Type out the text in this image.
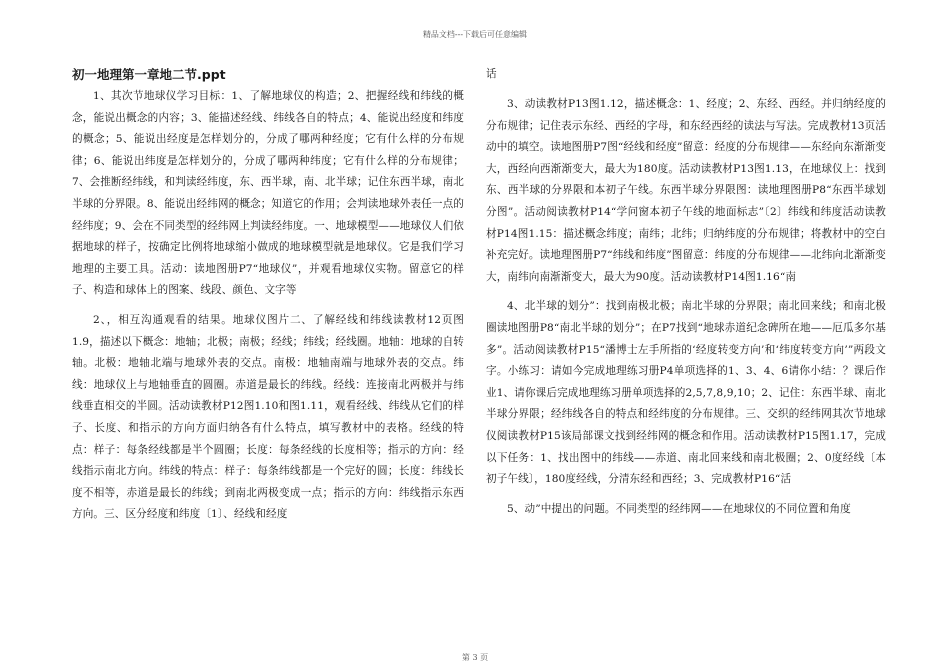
精品文档---下载后可任意编辑

初一地理第一章地二节.ppt

1、其次节地球仪学习目标：1、了解地球仪的构造；2、把握经线和纬线的概念，能说出概念的内容；3、能描述经线、纬线各自的特点；4、能说出经度和纬度的概念；5、能说出经度是怎样划分的，分成了哪两种经度；它有什么样的分布规律；6、能说出纬度是怎样划分的，分成了哪两种纬度；它有什么样的分布规律；7、会推断经纬线，和判读经纬度，东、西半球，南、北半球；记住东西半球，南北半球的分界限。8、能说出经纬网的概念；知道它的作用；会判读地球外表任一点的经纬度；9、会在不同类型的经纬网上判读经纬度。一、地球模型——地球仪人们依据地球的样子，按确定比例将地球缩小做成的地球模型就是地球仪。它是我们学习地理的主要工具。活动：读地图册P7“地球仪”，并观看地球仪实物。留意它的样子、构造和球体上的图案、线段、颜色、文字等

2、，相互沟通观看的结果。地球仪图片二、了解经线和纬线读教材12页图1.9，描述以下概念：地轴；北极；南极；经线；纬线；经线圈。地轴：地球的自转轴。北极：地轴北端与地球外表的交点。南极：地轴南端与地球外表的交点。纬线：地球仪上与地轴垂直的圆圈。赤道是最长的纬线。经线：连接南北两极并与纬线垂直相交的半圆。活动读教材P12图1.10和图1.11，观看经线、纬线从它们的样子、长度、和指示的方向方面归纳各有什么特点，填写教材中的表格。经线的特点：样子：每条经线都是半个圆圈；长度：每条经线的长度相等；指示的方向：经线指示南北方向。纬线的特点：样子：每条纬线都是一个完好的圆；长度：纬线长度不相等，赤道是最长的纬线；到南北两极变成一点；指示的方向：纬线指示东西方向。三、区分经度和纬度〔1〕、经线和经度

话

3、动读教材P13图1.12，描述概念：1、经度；2、东经、西经。并归纳经度的分布规律；记住表示东经、西经的字母，和东经西经的读法与写法。完成教材13页活动中的填空。读地图册P7图“经线和经度”留意：经度的分布规律——东经向东渐渐变大，西经向西渐渐变大，最大为180度。活动读教材P13图1.13，在地球仪上：找到东、西半球的分界限和本初子午线。东西半球分界限图：读地理图册P8“东西半球划分图”。活动阅读教材P14“学问窗本初子午线的地面标志”〔2〕纬线和纬度活动读教材P14图1.15：描述概念纬度；南纬；北纬；归纳纬度的分布规律；将教材中的空白补充完好。读地理图册P7“纬线和纬度”图留意：纬度的分布规律——北纬向北渐渐变大，南纬向南渐渐变大，最大为90度。活动读教材P14图1.16“南

4、北半球的划分”：找到南极北极；南北半球的分界限；南北回来线；和南北极圈读地图册P8“南北半球的划分”；在P7找到“地球赤道纪念碑所在地——厄瓜多尔基多”。活动阅读教材P15“潘博士左手所指的‘经度转变方向’和‘纬度转变方向’”两段文字。小练习：请如今完成地理练习册P4单项选择的1、3、4、6请你小结：？课后作业1、请你课后完成地理练习册单项选择的2,5,7,8,9,10；2、记住：东西半球、南北半球分界限；经纬线各自的特点和经纬度的分布规律。三、交织的经纬网其次节地球仪阅读教材P15该局部课文找到经纬网的概念和作用。活动读教材P15图1.17，完成以下任务：1、找出图中的纬线——赤道、南北回来线和南北极圈；2、0度经线〔本初子午线〕，180度经线，分清东经和西经；3、完成教材P16“活

5、动”中提出的问题。不同类型的经纬网——在地球仪的不同位置和角度

第 3 页
